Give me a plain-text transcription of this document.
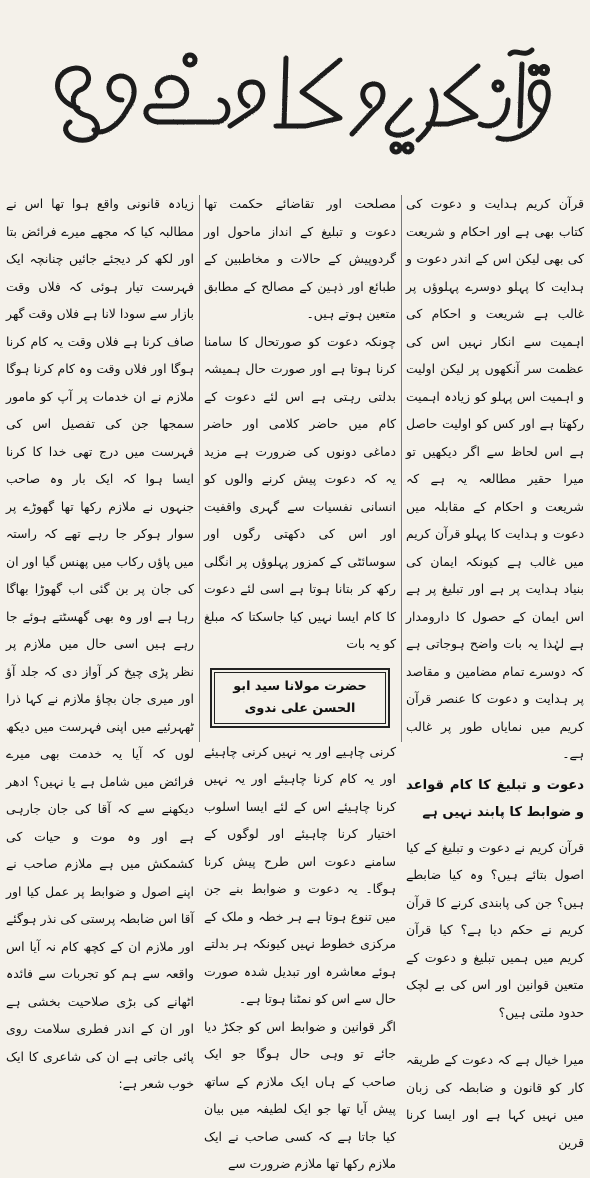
قرآن کریم ہدایت و دعوت کی کتاب بھی ہے اور احکام و شریعت کی بھی لیکن اس کے اندر دعوت و ہدایت کا پہلو دوسرے پہلوؤں پر غالب ہے شریعت و احکام کی اہمیت سے انکار نہیں اس کی عظمت سر آنکھوں پر لیکن اولیت و اہمیت اس پہلو کو زیادہ اہمیت رکھتا ہے اور کس کو اولیت حاصل ہے اس لحاظ سے اگر دیکھیں تو میرا حقیر مطالعہ یہ ہے کہ شریعت و احکام کے مقابلہ میں دعوت و ہدایت کا پہلو قرآن کریم میں غالب ہے کیونکہ ایمان کی بنیاد ہدایت پر ہے اور تبلیغ پر ہے اس ایمان کے حصول کا دارومدار ہے لہٰذا یہ بات واضح ہوجاتی ہے کہ دوسرے تمام مضامین و مقاصد پر ہدایت و دعوت کا عنصر قرآن کریم میں نمایاں طور پر غالب ہے۔

دعوت و تبلیغ کا کام قواعد و ضوابط کا پابند نہیں ہے

قرآن کریم نے دعوت و تبلیغ کے کیا اصول بتائے ہیں؟ وہ کیا ضابطے ہیں؟ جن کی پابندی کرنے کا قرآن کریم نے حکم دیا ہے؟ کیا قرآن کریم میں ہمیں تبلیغ و دعوت کے متعین قوانین اور اس کی بے لچک حدود ملتی ہیں؟

میرا خیال ہے کہ دعوت کے طریقہ کار کو قانون و ضابطہ کی زبان میں نہیں کہا ہے اور ایسا کرنا قرین

مصلحت اور تقاضائے حکمت تھا دعوت و تبلیغ کے انداز ماحول اور گردوپیش کے حالات و مخاطبین کے طبائع اور ذہین کے مصالح کے مطابق متعین ہوتے ہیں۔

چونکہ دعوت کو صورتحال کا سامنا کرنا ہوتا ہے اور صورت حال ہمیشہ بدلتی رہتی ہے اس لئے دعوت کے کام میں حاضر کلامی اور حاضر دماغی دونوں کی ضرورت ہے مزید یہ کہ دعوت پیش کرنے والوں کو انسانی نفسیات سے گہری واقفیت اور اس کی دکھتی رگوں اور سوسائٹی کے کمزور پہلوؤں پر انگلی رکھ کر بتانا ہوتا ہے اسی لئے دعوت کا کام ایسا نہیں کیا جاسکتا کہ مبلغ کو یہ بات

حضرت مولانا سید ابو الحسن علی ندوی

کرنی چاہیے اور یہ نہیں کرنی چاہیئے اور یہ کام کرنا چاہیئے اور یہ نہیں کرنا چاہیئے اس کے لئے ایسا اسلوب اختیار کرنا چاہیئے اور لوگوں کے سامنے دعوت اس طرح پیش کرنا ہوگا۔ یہ دعوت و ضوابط بنے جن میں تنوع ہوتا ہے ہر خطہ و ملک کے مرکزی خطوط نہیں کیونکہ ہر بدلتے ہوئے معاشرہ اور تبدیل شدہ صورت حال سے اس کو نمٹنا ہوتا ہے۔

اگر قوانین و ضوابط اس کو جکڑ دیا جائے تو وہی حال ہوگا جو ایک صاحب کے ہاں ایک ملازم کے ساتھ پیش آیا تھا جو ایک لطیفہ میں بیان کیا جاتا ہے کہ کسی صاحب نے ایک ملازم رکھا تھا ملازم ضرورت سے

زیادہ قانونی واقع ہوا تھا اس نے مطالبہ کیا کہ مجھے میرے فرائض بتا اور لکھ کر دیجئے جائیں چنانچہ ایک فہرست تیار ہوئی کہ فلاں وقت بازار سے سودا لانا ہے فلاں وقت گھر صاف کرنا ہے فلاں وقت یہ کام کرنا ہوگا اور فلاں وقت وہ کام کرنا ہوگا ملازم نے ان خدمات پر آپ کو مامور سمجھا جن کی تفصیل اس کی فہرست میں درج تھی خدا کا کرنا ایسا ہوا کہ ایک بار وہ صاحب جنہوں نے ملازم رکھا تھا گھوڑے پر سوار ہوکر جا رہے تھے کہ راستہ میں پاؤں رکاب میں پھنس گیا اور ان کی جان پر بن گئی اب گھوڑا بھاگا رہا ہے اور وہ بھی گھسٹتے ہوئے جا رہے ہیں اسی حال میں ملازم پر نظر پڑی چیخ کر آواز دی کہ جلد آؤ اور میری جان بچاؤ ملازم نے کہا ذرا ٹھہرئیے میں اپنی فہرست میں دیکھ لوں کہ آیا یہ خدمت بھی میرے فرائض میں شامل ہے یا نہیں؟ ادھر دیکھنے سے کہ آقا کی جان جارہی ہے اور وہ موت و حیات کی کشمکش میں ہے ملازم صاحب نے اپنے اصول و ضوابط پر عمل کیا اور آقا اس ضابطہ پرستی کی نذر ہوگئے اور ملازم ان کے کچھ کام نہ آیا اس واقعہ سے ہم کو تجربات سے فائدہ اٹھانے کی بڑی صلاحیت بخشی ہے اور ان کے اندر فطری سلامت روی پائی جاتی ہے ان کی شاعری کا ایک خوب شعر ہے:
